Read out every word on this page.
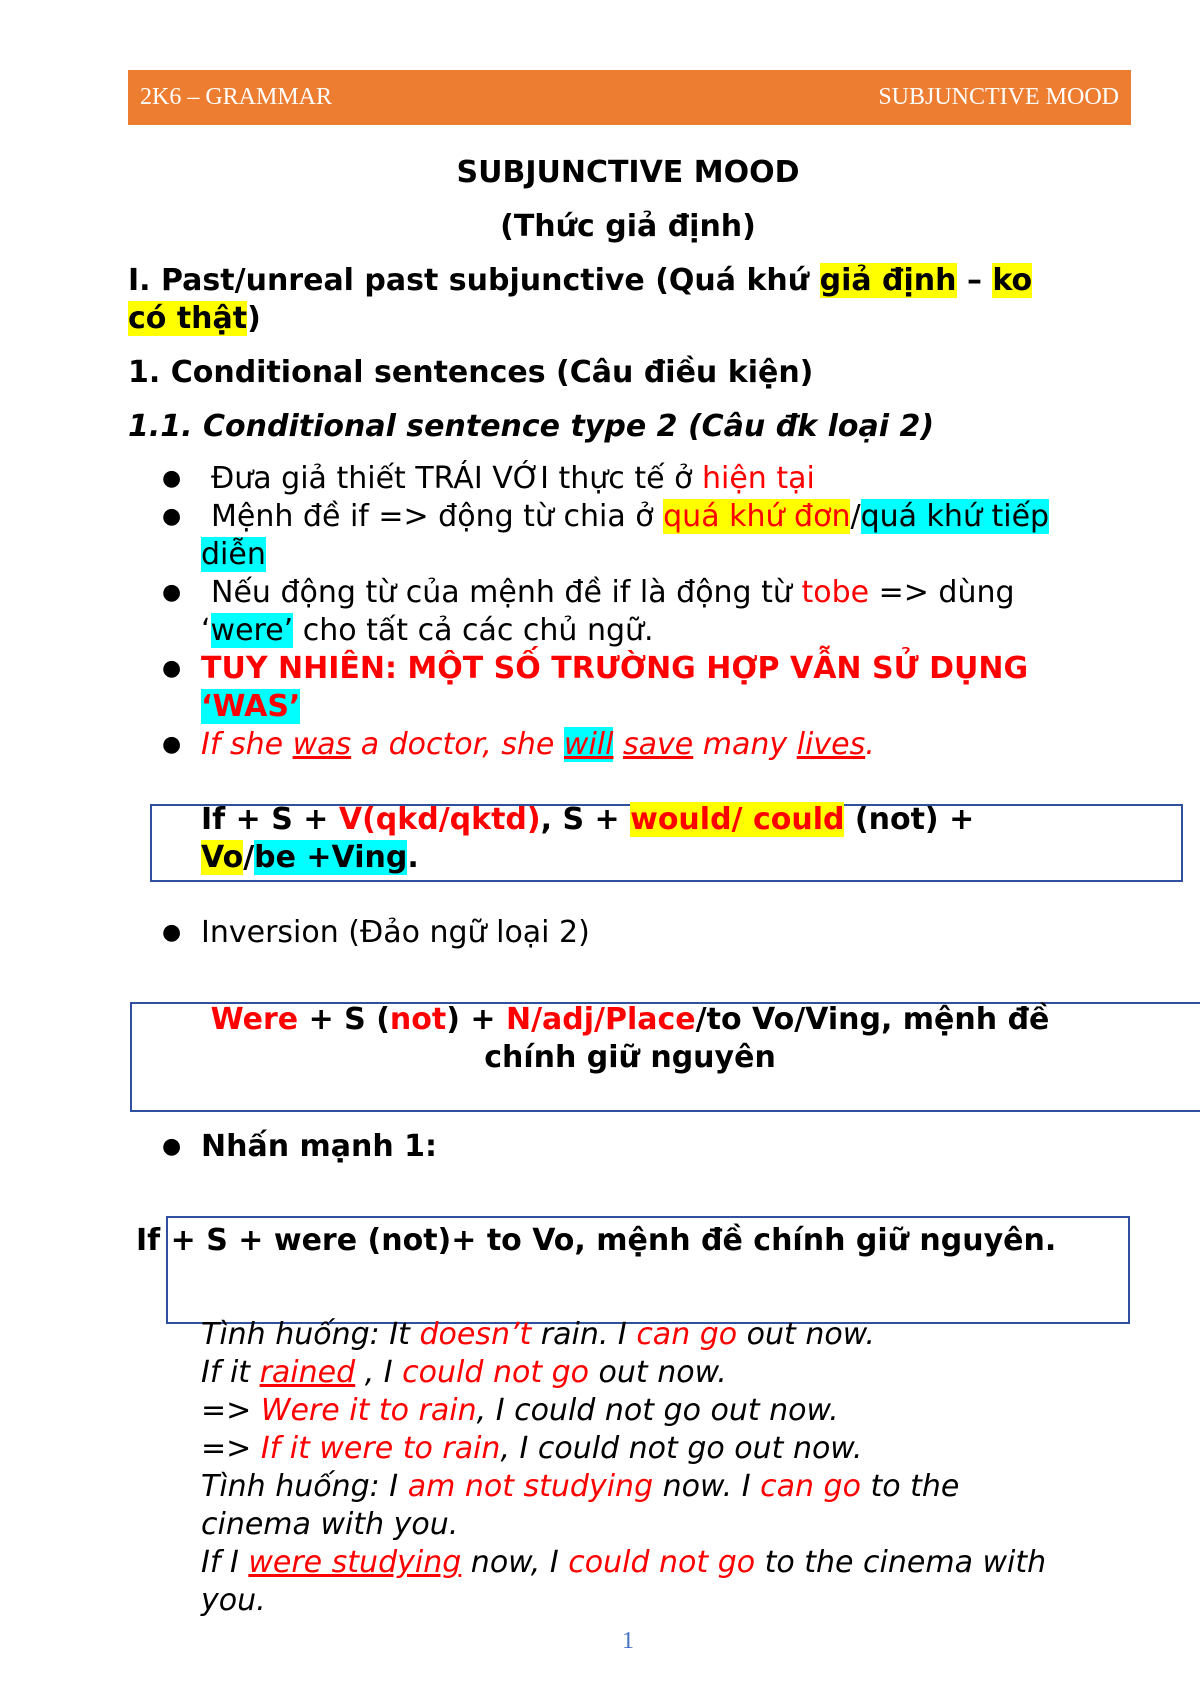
2K6 – GRAMMAR	SUBJUNCTIVE MOOD
SUBJUNCTIVE MOOD
(Thức giả định)
I. Past/unreal past subjunctive (Quá khứ giả định – ko
có thật)
1. Conditional sentences (Câu điều kiện)
1.1. Conditional sentence type 2 (Câu đk loại 2)
● Đưa giả thiết TRÁI VỚI thực tế ở hiện tại
● Mệnh đề if => động từ chia ở quá khứ đơn/quá khứ tiếp
diễn
● Nếu động từ của mệnh đề if là động từ tobe => dùng
‘were’ cho tất cả các chủ ngữ.
● TUY NHIÊN: MỘT SỐ TRƯỜNG HỢP VẪN SỬ DỤNG
‘WAS’
● If she was a doctor, she will save many lives.
If + S + V(qkd/qktd), S + would/ could (not) +
Vo/be +Ving.
● Inversion (Đảo ngữ loại 2)
Were + S (not) + N/adj/Place/to Vo/Ving, mệnh đề
chính giữ nguyên
● Nhấn mạnh 1:
If + S + were (not)+ to Vo, mệnh đề chính giữ nguyên.
Tình huống: It doesn’t rain. I can go out now.
If it rained , I could not go out now.
=> Were it to rain, I could not go out now.
=> If it were to rain, I could not go out now.
Tình huống: I am not studying now. I can go to the
cinema with you.
If I were studying now, I could not go to the cinema with
you.
1
